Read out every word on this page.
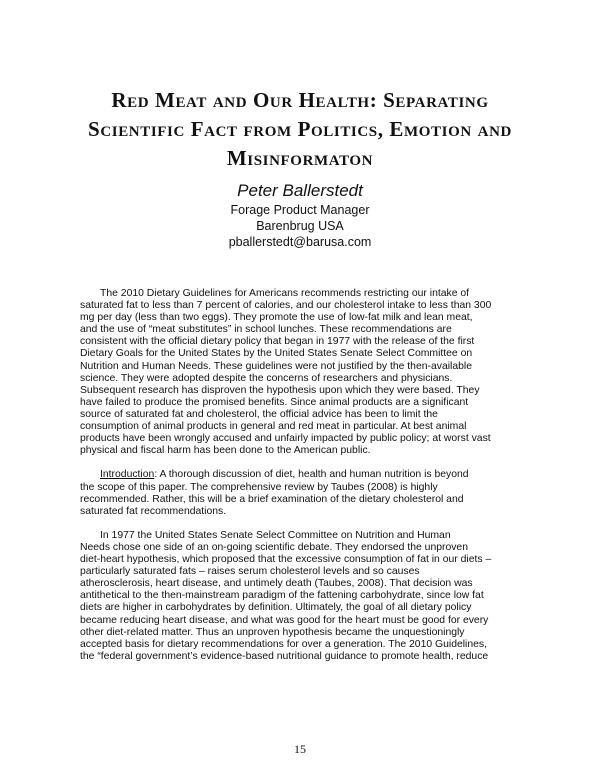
Red Meat and Our Health: Separating
Scientific Fact from Politics, Emotion and
Misinformaton

Peter Ballerstedt

Forage Product Manager

Barenbrug USA

pballerstedt@barusa.com

The 2010 Dietary Guidelines for Americans recommends restricting our intake of
saturated fat to less than 7 percent of calories, and our cholesterol intake to less than 300
mg per day (less than two eggs). They promote the use of low-fat milk and lean meat,
and the use of “meat substitutes” in school lunches. These recommendations are
consistent with the official dietary policy that began in 1977 with the release of the first
Dietary Goals for the United States by the United States Senate Select Committee on
Nutrition and Human Needs. These guidelines were not justified by the then-available
science. They were adopted despite the concerns of researchers and physicians.
Subsequent research has disproven the hypothesis upon which they were based. They
have failed to produce the promised benefits. Since animal products are a significant
source of saturated fat and cholesterol, the official advice has been to limit the
consumption of animal products in general and red meat in particular. At best animal
products have been wrongly accused and unfairly impacted by public policy; at worst vast
physical and fiscal harm has been done to the American public.

Introduction: A thorough discussion of diet, health and human nutrition is beyond
the scope of this paper. The comprehensive review by Taubes (2008) is highly
recommended. Rather, this will be a brief examination of the dietary cholesterol and
saturated fat recommendations.

In 1977 the United States Senate Select Committee on Nutrition and Human
Needs chose one side of an on-going scientific debate. They endorsed the unproven
diet-heart hypothesis, which proposed that the excessive consumption of fat in our diets –
particularly saturated fats – raises serum cholesterol levels and so causes
atherosclerosis, heart disease, and untimely death (Taubes, 2008). That decision was
antithetical to the then-mainstream paradigm of the fattening carbohydrate, since low fat
diets are higher in carbohydrates by definition. Ultimately, the goal of all dietary policy
became reducing heart disease, and what was good for the heart must be good for every
other diet-related matter. Thus an unproven hypothesis became the unquestioningly
accepted basis for dietary recommendations for over a generation. The 2010 Guidelines,
the “federal government’s evidence-based nutritional guidance to promote health, reduce

15
